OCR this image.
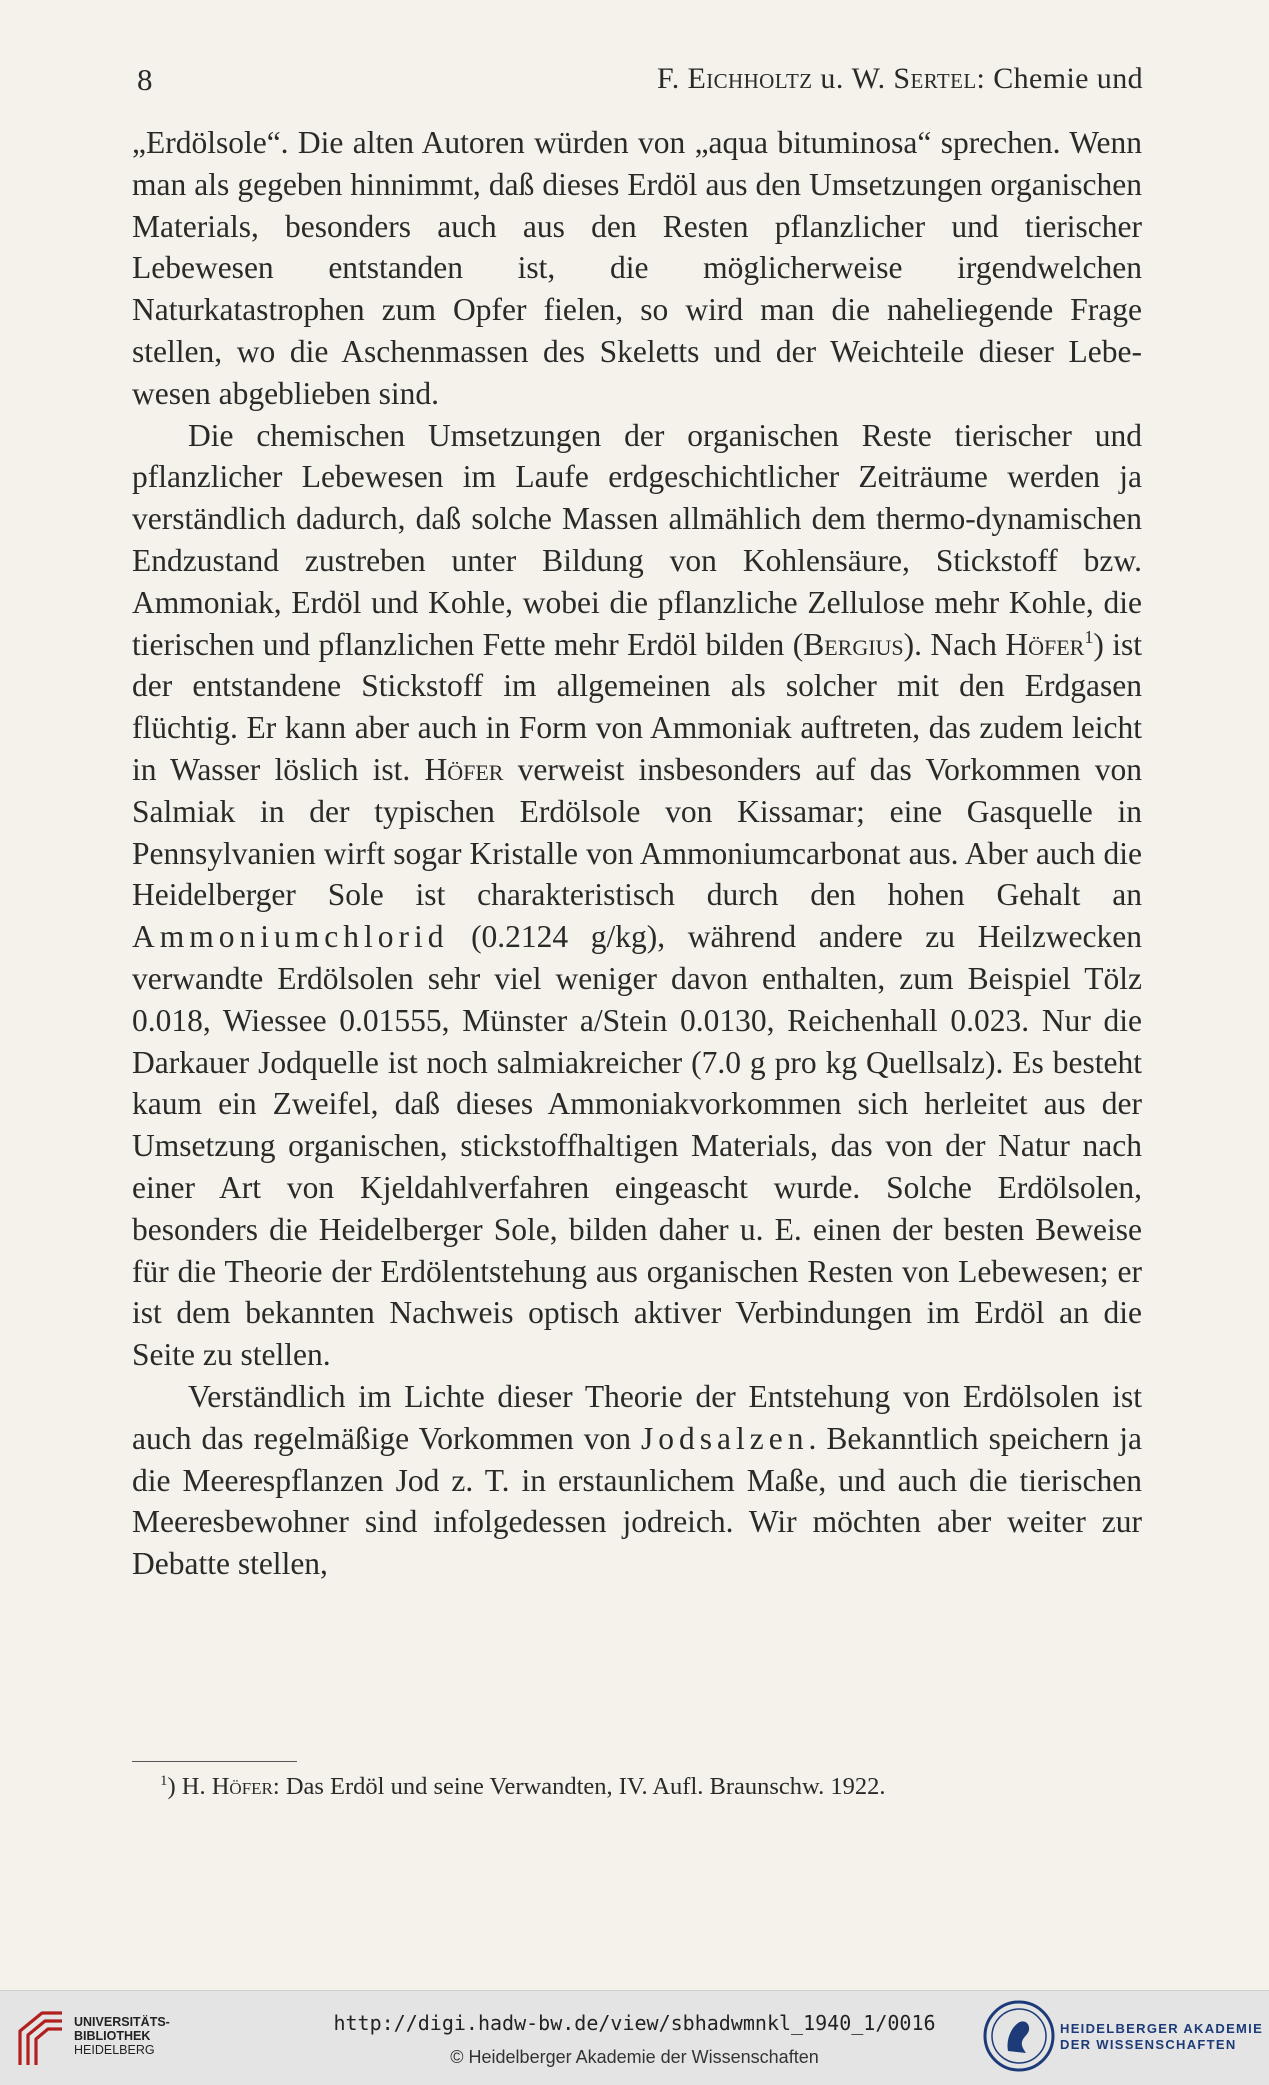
8	F. Eichholtz u. W. Sertel: Chemie und

„Erdölsole“. Die alten Autoren würden von „aqua bituminosa“ sprechen. Wenn man als gegeben hinnimmt, daß dieses Erdöl aus den Umsetzungen organischen Materials, besonders auch aus den Resten pflanzlicher und tierischer Lebewesen entstanden ist, die möglicherweise irgendwelchen Naturkatastrophen zum Opfer fielen, so wird man die naheliegende Frage stellen, wo die Aschenmassen des Skeletts und der Weichteile dieser Lebewesen abgeblieben sind.

Die chemischen Umsetzungen der organischen Reste tierischer und pflanzlicher Lebewesen im Laufe erdgeschichtlicher Zeiträume werden ja verständlich dadurch, daß solche Massen allmählich dem thermo-dynamischen Endzustand zustreben unter Bildung von Kohlensäure, Stickstoff bzw. Ammoniak, Erdöl und Kohle, wobei die pflanzliche Zellulose mehr Kohle, die tierischen und pflanzlichen Fette mehr Erdöl bilden (Bergius). Nach Höfer$^1$) ist der entstandene Stickstoff im allgemeinen als solcher mit den Erdgasen flüchtig. Er kann aber auch in Form von Ammoniak auftreten, das zudem leicht in Wasser löslich ist. Höfer verweist insbesonders auf das Vorkommen von Salmiak in der typischen Erdölsole von Kissamar; eine Gasquelle in Pennsylvanien wirft sogar Kristalle von Ammoniumcarbonat aus. Aber auch die Heidelberger Sole ist charakteristisch durch den hohen Gehalt an Ammoniumchlorid (0.2124 g/kg), während andere zu Heilzwecken verwandte Erdölsolen sehr viel weniger davon enthalten, zum Beispiel Tölz 0.018, Wiessee 0.01555, Münster a/Stein 0.0130, Reichenhall 0.023. Nur die Darkauer Jodquelle ist noch salmiakreicher (7.0 g pro kg Quellsalz). Es besteht kaum ein Zweifel, daß dieses Ammoniakvorkommen sich herleitet aus der Umsetzung organischen, stickstoffhaltigen Materials, das von der Natur nach einer Art von Kjeldahlverfahren eingeascht wurde. Solche Erdölsolen, besonders die Heidelberger Sole, bilden daher u. E. einen der besten Beweise für die Theorie der Erdölentstehung aus organischen Resten von Lebewesen; er ist dem bekannten Nachweis optisch aktiver Verbindungen im Erdöl an die Seite zu stellen.

Verständlich im Lichte dieser Theorie der Entstehung von Erdölsolen ist auch das regelmäßige Vorkommen von Jodsalzen. Bekanntlich speichern ja die Meerespflanzen Jod z. T. in erstaunlichem Maße, und auch die tierischen Meeresbewohner sind infolgedessen jodreich. Wir möchten aber weiter zur Debatte stellen,

$^1$) H. Höfer: Das Erdöl und seine Verwandten, IV. Aufl. Braunschw. 1922.
UNIVERSITÄTS-
BIBLIOTHEK
HEIDELBERG
http://digi.hadw-bw.de/view/sbhadwmnkl_1940_1/0016
© Heidelberger Akademie der Wissenschaften
HEIDELBERGER AKADEMIE
DER WISSENSCHAFTEN
